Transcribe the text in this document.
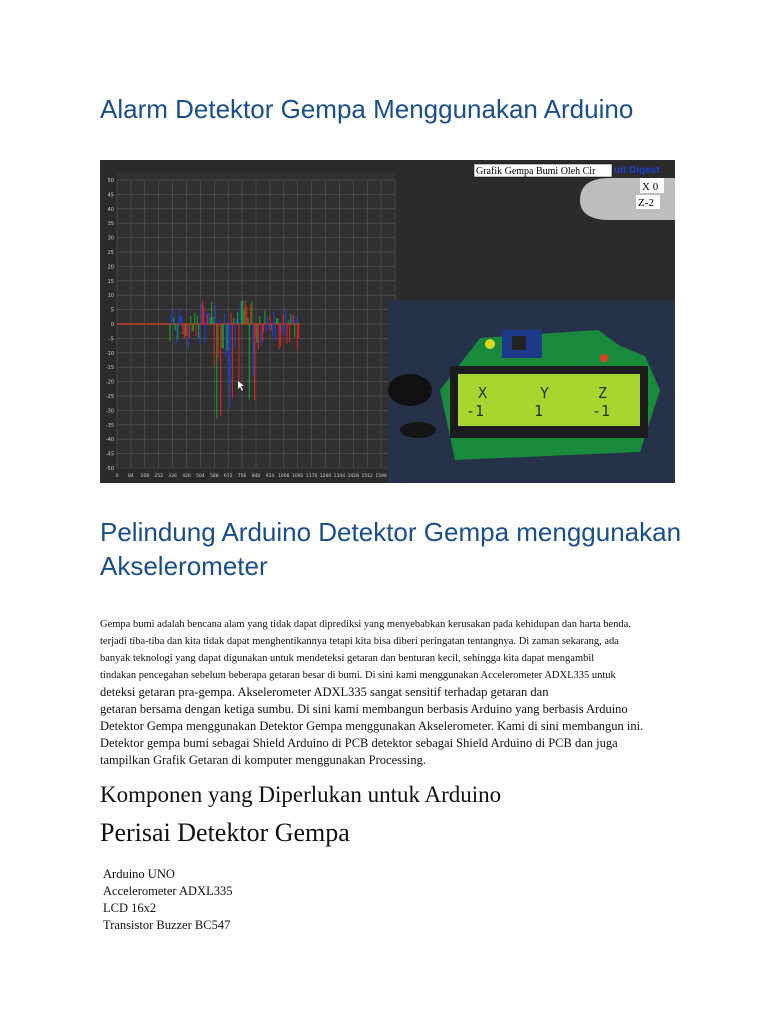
Alarm Detektor Gempa Menggunakan Arduino
50
45
40
35
30
25
20
15
10
5
0
-5
-10
-15
-20
-25
-30
-35
-40
-45
-50
0 84 168 252 336 420 504 588 672 756 840 924 1008 1092 1176 1260 1344 1428 1512 1596
Grafik Gempa Bumi Oleh Cir uit Digest
X 0
Z-2
X	Y	Z
-1	1	-1
Pelindung Arduino Detektor Gempa menggunakan Akselerometer
Gempa bumi adalah bencana alam yang tidak dapat diprediksi yang menyebabkan kerusakan pada kehidupan dan harta benda.
terjadi tiba-tiba dan kita tidak dapat menghentikannya tetapi kita bisa diberi peringatan tentangnya. Di zaman sekarang, ada
banyak teknologi yang dapat digunakan untuk mendeteksi getaran dan benturan kecil, sehingga kita dapat mengambil
tindakan pencegahan sebelum beberapa getaran besar di bumi. Di sini kami menggunakan Accelerometer ADXL335 untuk
deteksi getaran pra-gempa. Akselerometer ADXL335 sangat sensitif terhadap getaran dan
getaran bersama dengan ketiga sumbu. Di sini kami membangun berbasis Arduino yang berbasis Arduino
Detektor Gempa menggunakan Detektor Gempa menggunakan Akselerometer. Kami di sini membangun ini.
Detektor gempa bumi sebagai Shield Arduino di PCB detektor sebagai Shield Arduino di PCB dan juga
tampilkan Grafik Getaran di komputer menggunakan Processing.
Komponen yang Diperlukan untuk Arduino
Perisai Detektor Gempa
Arduino UNO
Accelerometer ADXL335
LCD 16x2
Transistor Buzzer BC547
